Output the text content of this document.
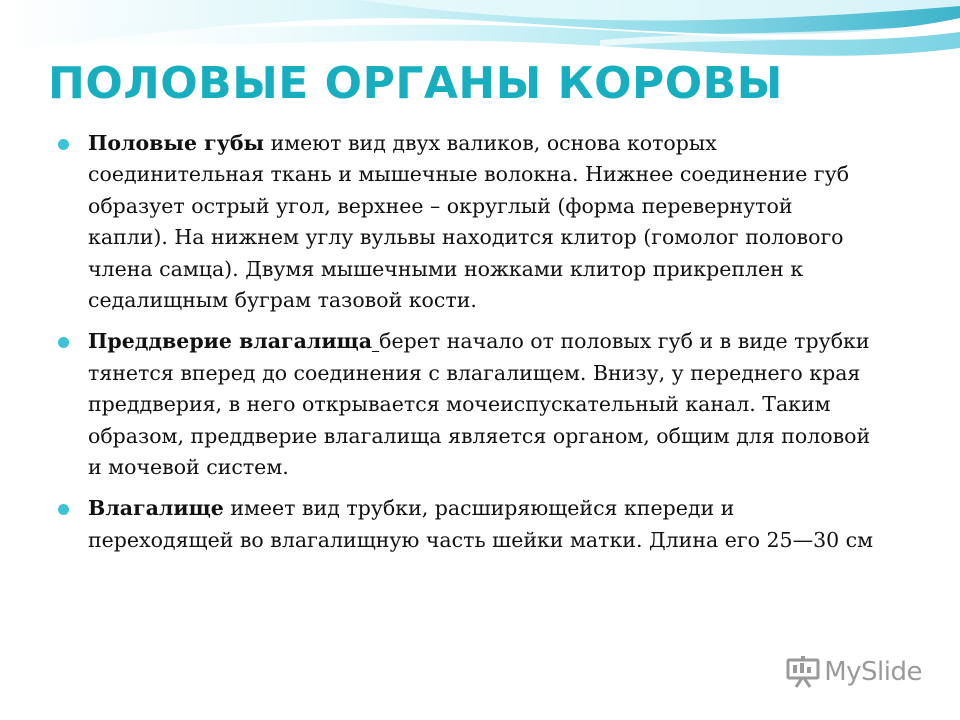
ПОЛОВЫЕ ОРГАНЫ КОРОВЫ
Половые губы имеют вид двух валиков, основа которых соединительная ткань и мышечные волокна. Нижнее соединение губ образует острый угол, верхнее – округлый (форма перевернутой капли). На нижнем углу вульвы находится клитор (гомолог полового члена самца). Двумя мышечными ножками клитор прикреплен к седалищным буграм тазовой кости.
Преддверие влагалища берет начало от половых губ и в виде трубки тянется вперед до соединения с влагалищем. Внизу, у переднего края преддверия, в него открывается мочеиспускательный канал. Таким образом, преддверие влагалища является органом, общим для половой и мочевой систем.
Влагалище имеет вид трубки, расширяющейся кпереди и переходящей во влагалищную часть шейки матки. Длина его 25—30 см
MySlide
